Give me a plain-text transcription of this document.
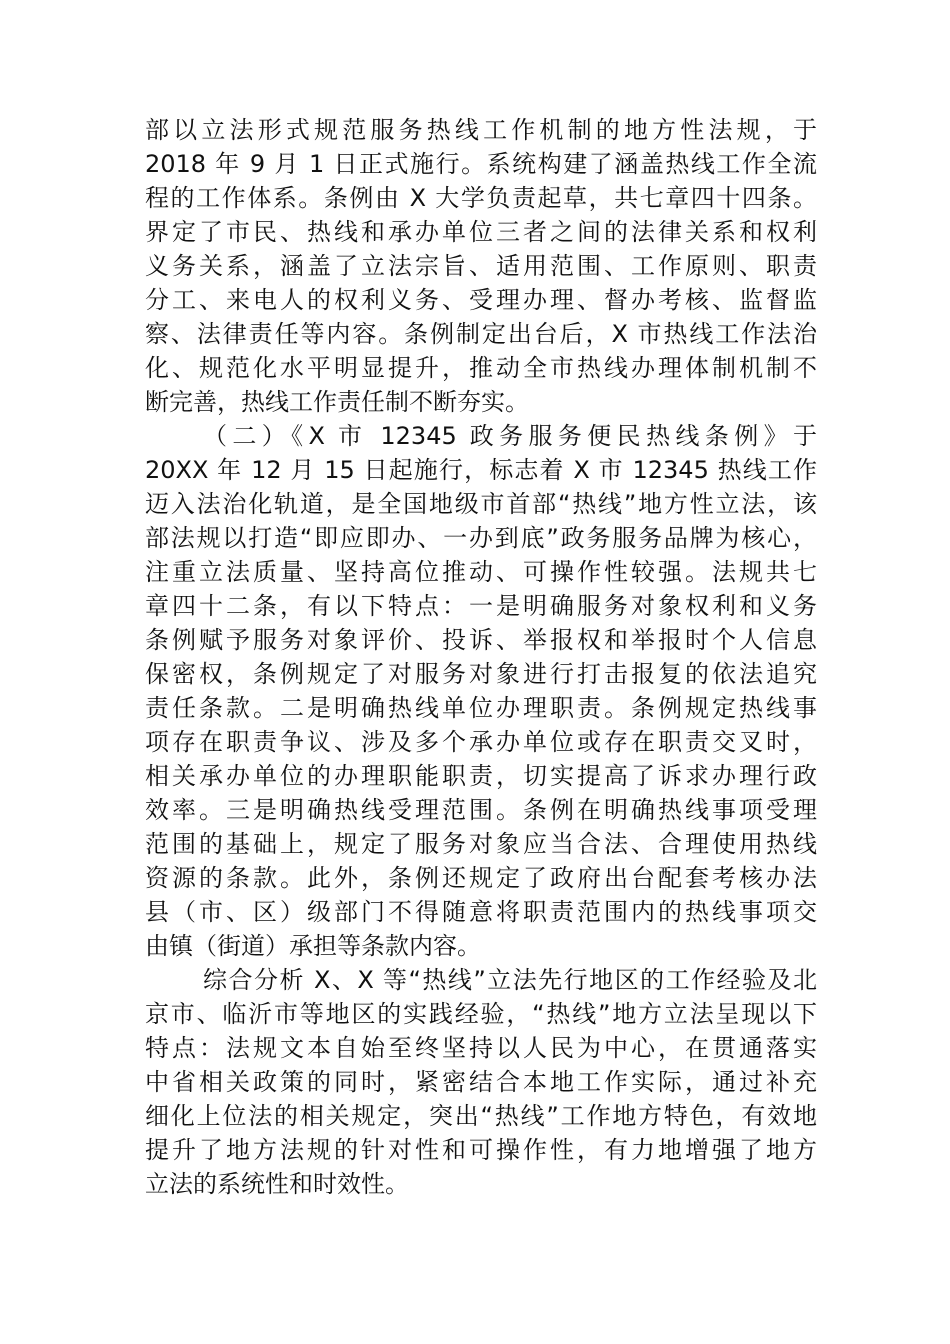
部以立法形式规范服务热线工作机制的地方性法规，于
2018 年 9 月 1 日正式施行。系统构建了涵盖热线工作全流
程的工作体系。条例由 X 大学负责起草，共七章四十四条。
界定了市民、热线和承办单位三者之间的法律关系和权利
义务关系，涵盖了立法宗旨、适用范围、工作原则、职责
分工、来电人的权利义务、受理办理、督办考核、监督监
察、法律责任等内容。条例制定出台后，X 市热线工作法治
化、规范化水平明显提升，推动全市热线办理体制机制不
断完善，热线工作责任制不断夯实。
（二）《X 市 12345 政务服务便民热线条例》于
20XX 年 12 月 15 日起施行，标志着 X 市 12345 热线工作
迈入法治化轨道，是全国地级市首部“热线”地方性立法，该
部法规以打造“即应即办、一办到底”政务服务品牌为核心，
注重立法质量、坚持高位推动、可操作性较强。法规共七
章四十二条，有以下特点：一是明确服务对象权利和义务
条例赋予服务对象评价、投诉、举报权和举报时个人信息
保密权，条例规定了对服务对象进行打击报复的依法追究
责任条款。二是明确热线单位办理职责。条例规定热线事
项存在职责争议、涉及多个承办单位或存在职责交叉时，
相关承办单位的办理职能职责，切实提高了诉求办理行政
效率。三是明确热线受理范围。条例在明确热线事项受理
范围的基础上，规定了服务对象应当合法、合理使用热线
资源的条款。此外，条例还规定了政府出台配套考核办法
县（市、区）级部门不得随意将职责范围内的热线事项交
由镇（街道）承担等条款内容。
综合分析 X、X 等“热线”立法先行地区的工作经验及北
京市、临沂市等地区的实践经验，“热线”地方立法呈现以下
特点：法规文本自始至终坚持以人民为中心，在贯通落实
中省相关政策的同时，紧密结合本地工作实际，通过补充
细化上位法的相关规定，突出“热线”工作地方特色，有效地
提升了地方法规的针对性和可操作性，有力地增强了地方
立法的系统性和时效性。
